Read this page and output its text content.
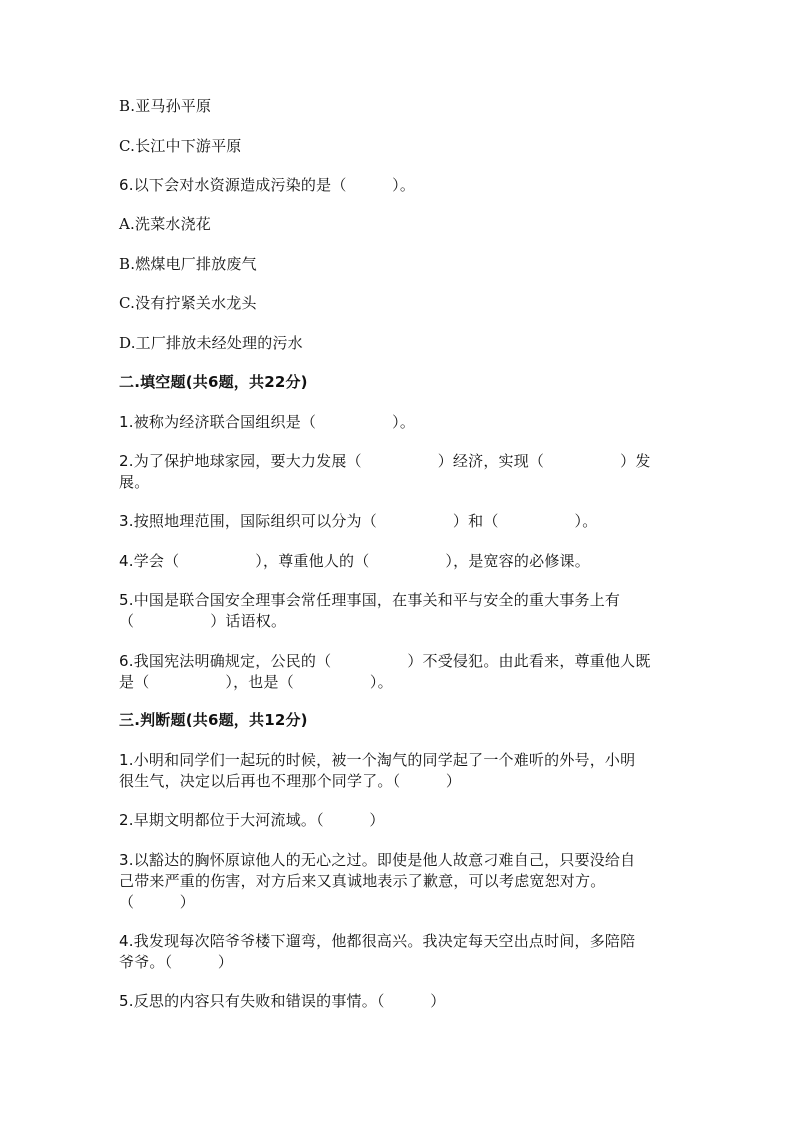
B.亚马孙平原
C.长江中下游平原
6.以下会对水资源造成污染的是（　　　）。
A.洗菜水浇花
B.燃煤电厂排放废气
C.没有拧紧关水龙头
D.工厂排放未经处理的污水
二.填空题(共6题，共22分)
1.被称为经济联合国组织是（　　　　　）。
2.为了保护地球家园，要大力发展（　　　　　）经济，实现（　　　　　）发
展。
3.按照地理范围，国际组织可以分为（　　　　　）和（　　　　　）。
4.学会（　　　　　），尊重他人的（　　　　　），是宽容的必修课。
5.中国是联合国安全理事会常任理事国，在事关和平与安全的重大事务上有
（　　　　　）话语权。
6.我国宪法明确规定，公民的（　　　　　）不受侵犯。由此看来，尊重他人既
是（　　　　　），也是（　　　　　）。
三.判断题(共6题，共12分)
1.小明和同学们一起玩的时候，被一个淘气的同学起了一个难听的外号，小明
很生气，决定以后再也不理那个同学了。（　　　）
2.早期文明都位于大河流域。（　　　）
3.以豁达的胸怀原谅他人的无心之过。即使是他人故意刁难自己，只要没给自
己带来严重的伤害，对方后来又真诚地表示了歉意，可以考虑宽恕对方。
（　　　）
4.我发现每次陪爷爷楼下遛弯，他都很高兴。我决定每天空出点时间，多陪陪
爷爷。（　　　）
5.反思的内容只有失败和错误的事情。（　　　）
